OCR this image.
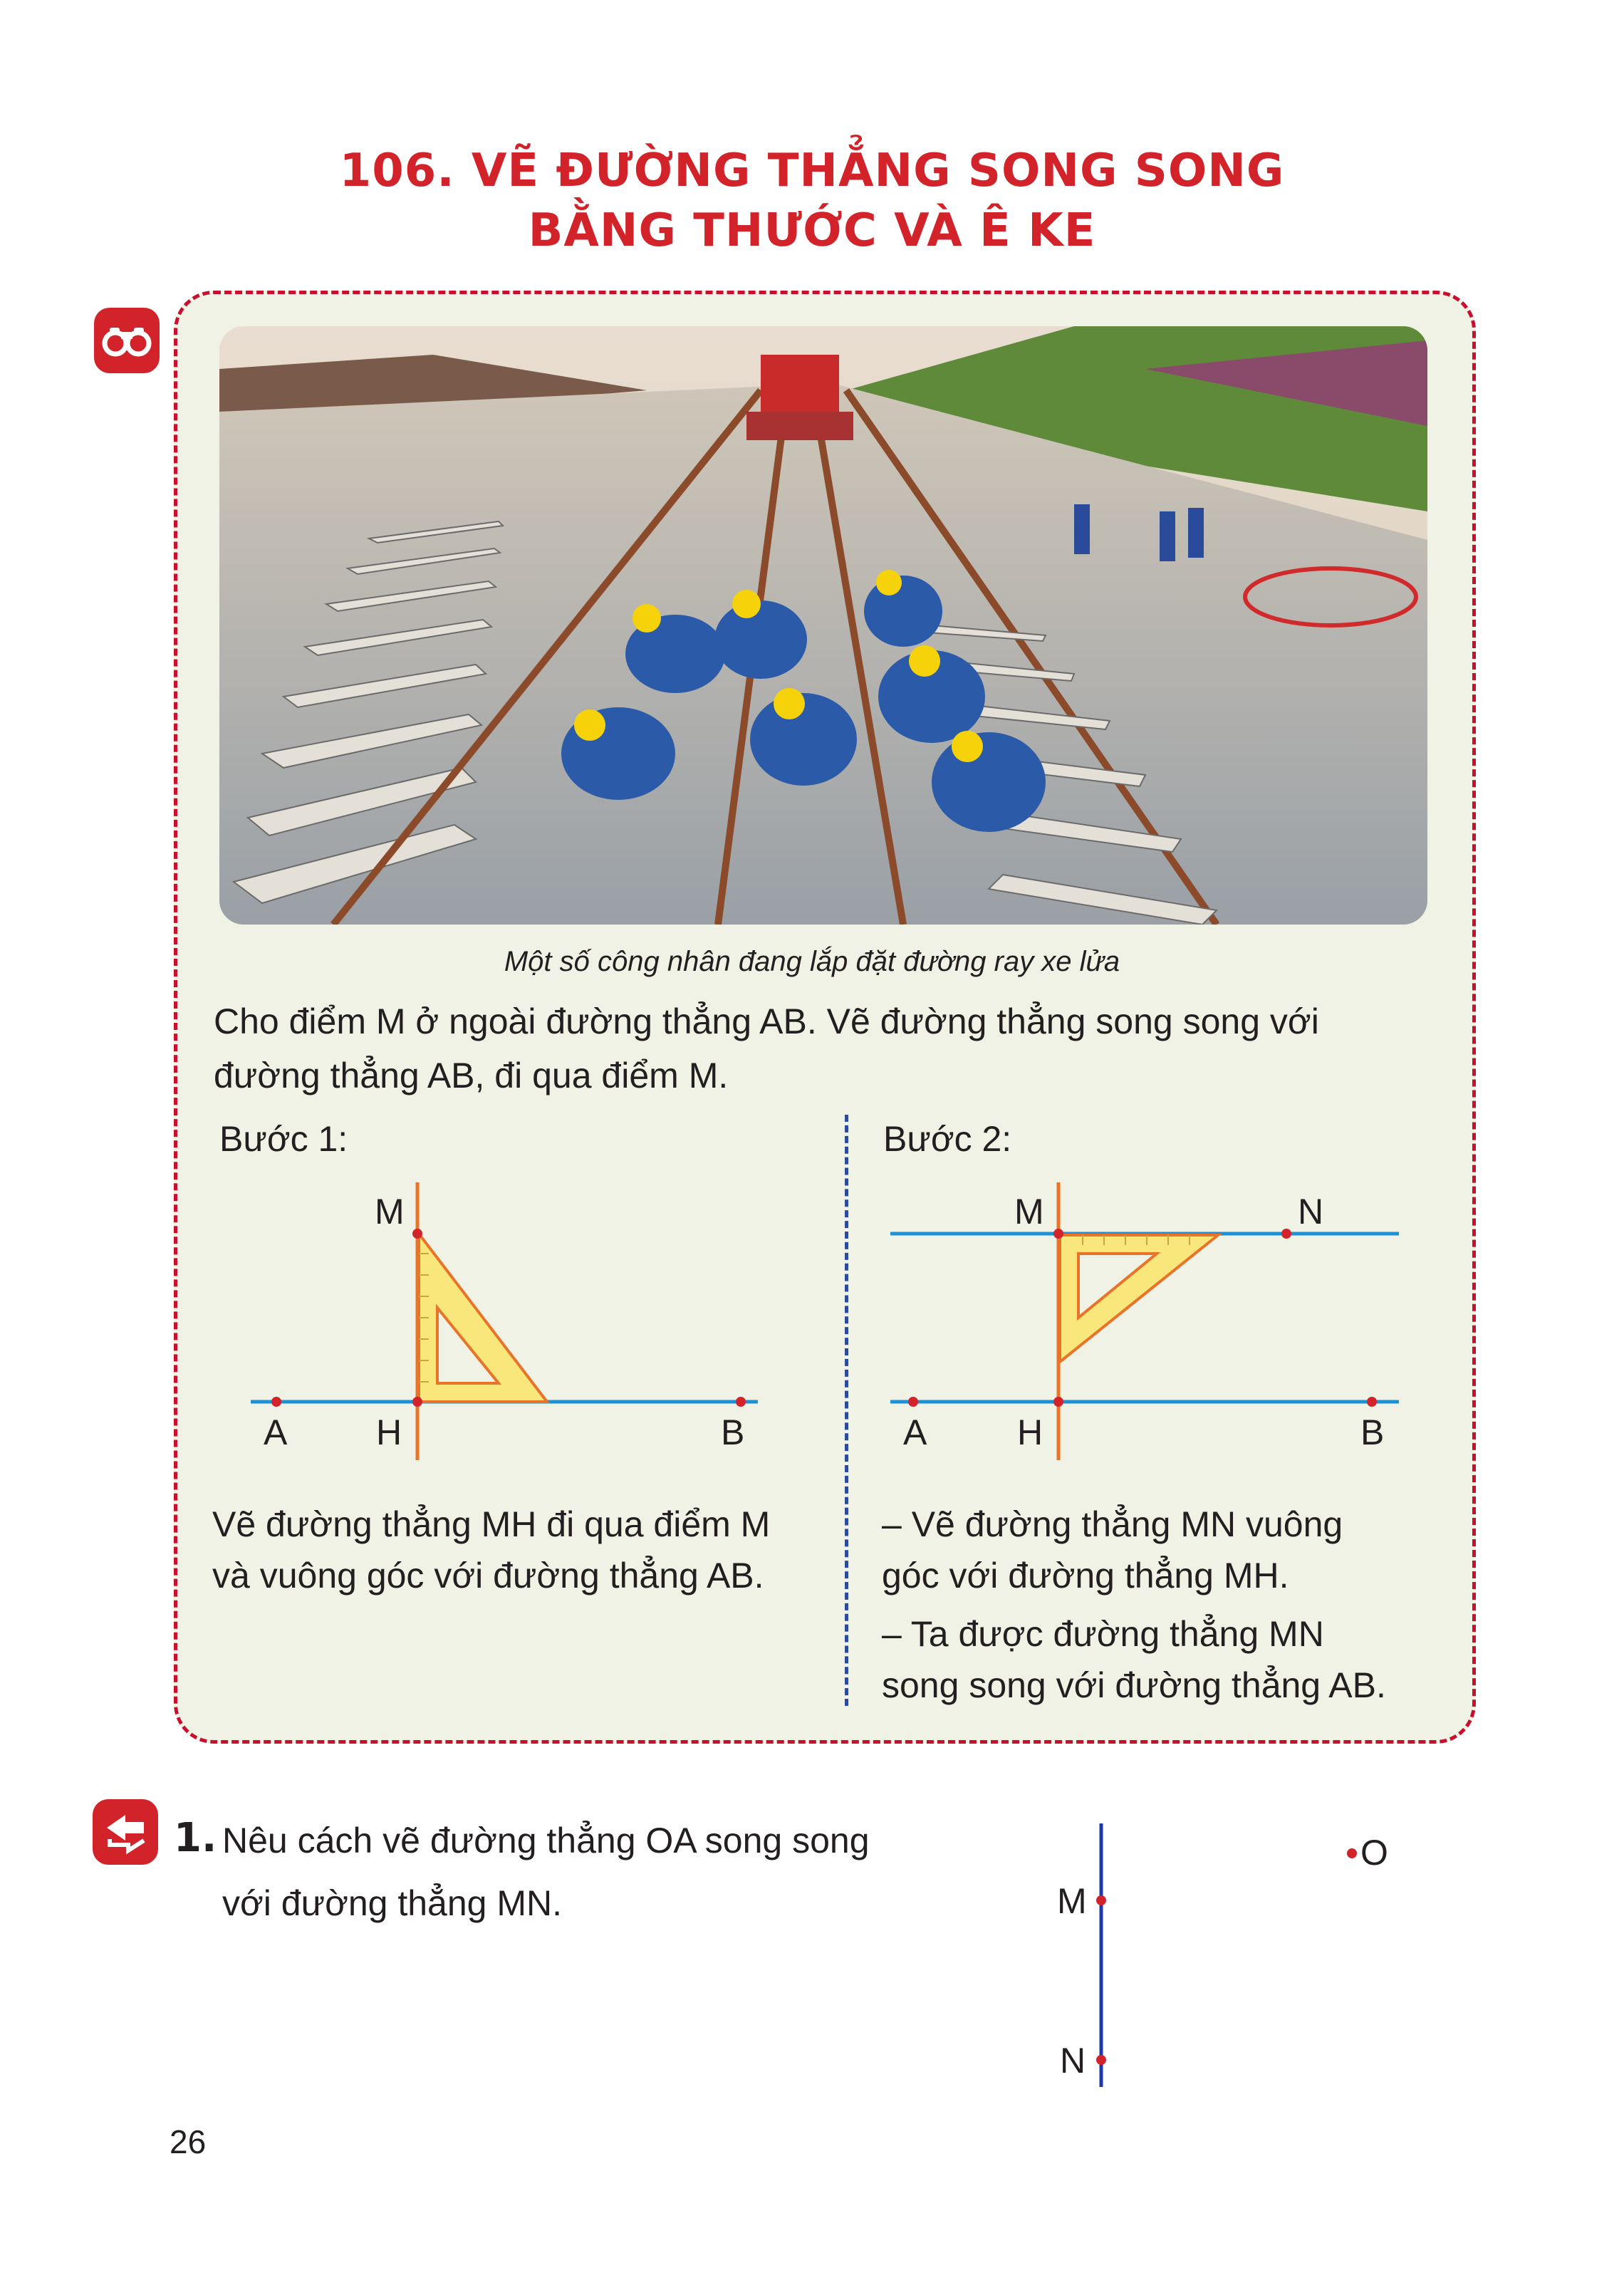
106. VẼ ĐƯỜNG THẲNG SONG SONG
BẰNG THƯỚC VÀ Ê KE
Một số công nhân đang lắp đặt đường ray xe lửa
Cho điểm M ở ngoài đường thẳng AB. Vẽ đường thẳng song song với
đường thẳng AB, đi qua điểm M.
Bước 1:
M
A H	B
Vẽ đường thẳng MH đi qua điểm M
và vuông góc với đường thẳng AB.
Bước 2:
M	N
A	H	B
– Vẽ đường thẳng MN vuông
góc với đường thẳng MH.
– Ta được đường thẳng MN
song song với đường thẳng AB.
1. Nêu cách vẽ đường thẳng OA song song
với đường thẳng MN.
O
M
N
26
